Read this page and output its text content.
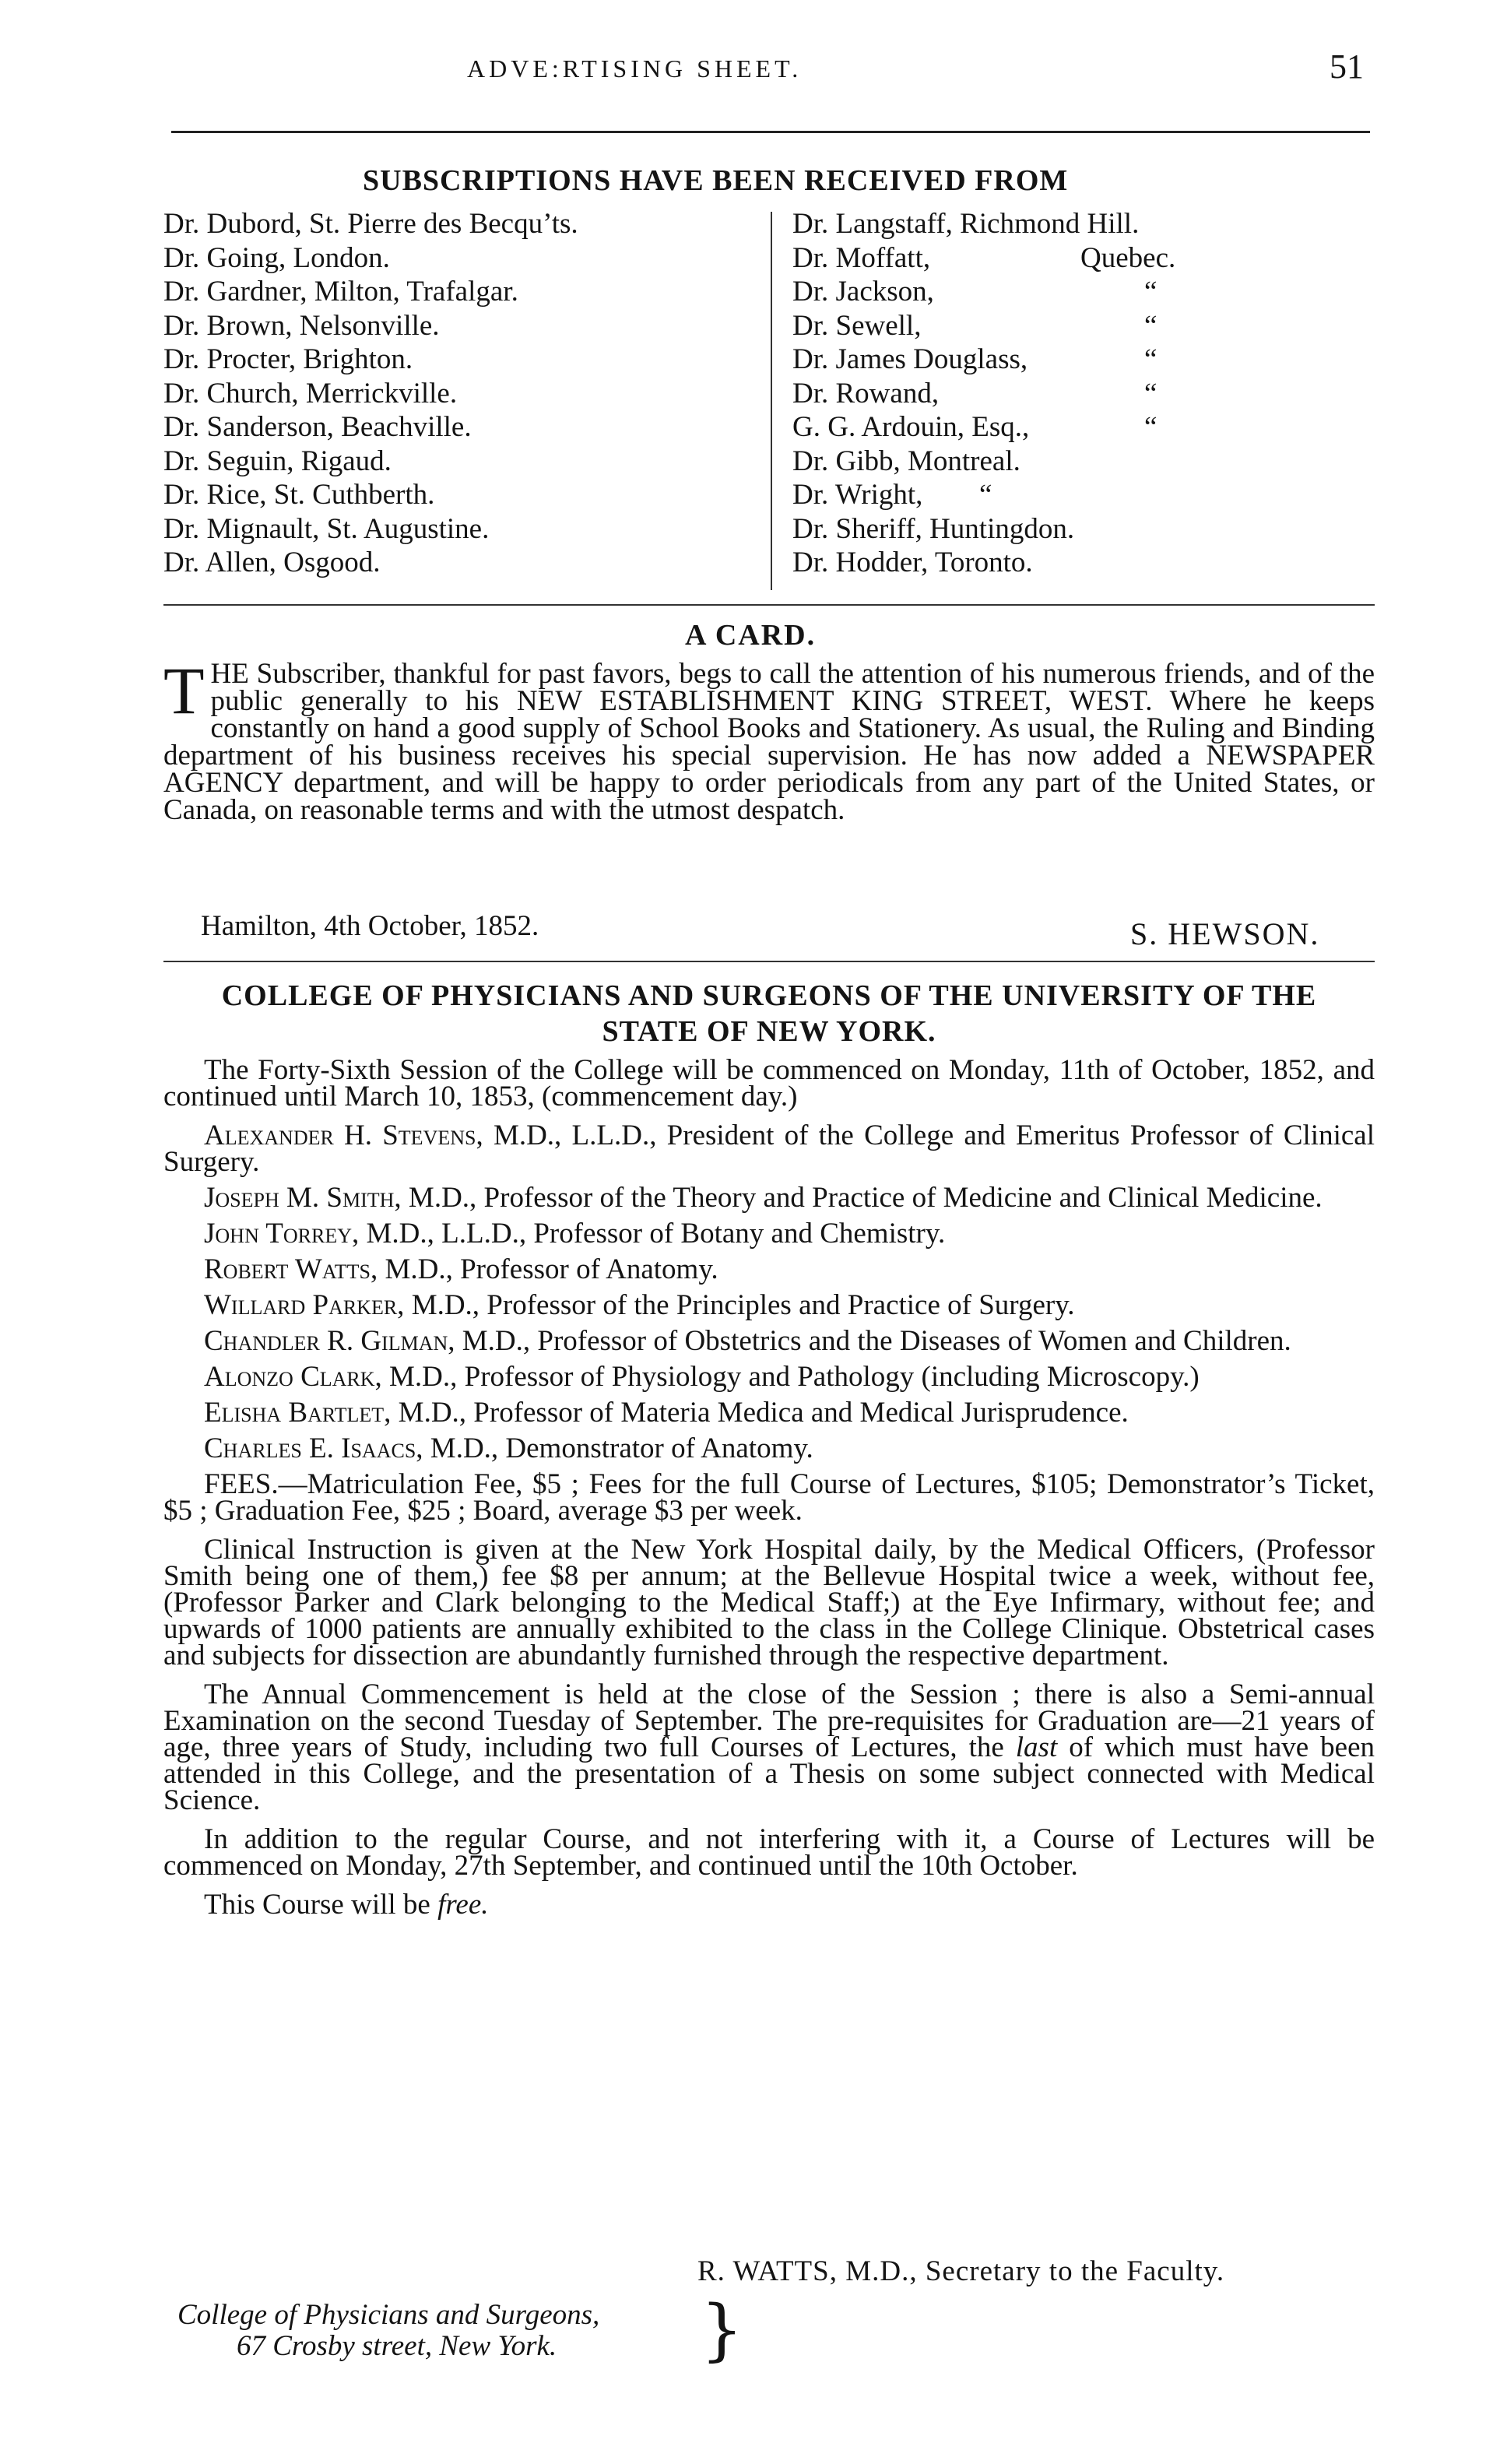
ADVE:RTISING SHEET.	51
SUBSCRIPTIONS HAVE BEEN RECEIVED FROM
Dr. Dubord, St. Pierre des Becqu’ts.
Dr. Going, London.
Dr. Gardner, Milton, Trafalgar.
Dr. Brown, Nelsonville.
Dr. Procter, Brighton.
Dr. Church, Merrickville.
Dr. Sanderson, Beachville.
Dr. Seguin, Rigaud.
Dr. Rice, St. Cuthberth.
Dr. Mignault, St. Augustine.
Dr. Allen, Osgood.
Dr. Langstaff, Richmond Hill.
Dr. Moffatt,	Quebec.
Dr. Jackson,	“
Dr. Sewell,	“
Dr. James Douglass,	“
Dr. Rowand,	“
G. G. Ardouin, Esq.,	“
Dr. Gibb, Montreal.
Dr. Wright, “
Dr. Sheriff, Huntingdon.
Dr. Hodder, Toronto.
A CARD.
THE Subscriber, thankful for past favors, begs to call the attention of his numerous friends, and of the public generally to his NEW ESTABLISHMENT KING STREET, WEST. Where he keeps constantly on hand a good supply of School Books and Stationery. As usual, the Ruling and Binding department of his business receives his special supervision. He has now added a NEWSPAPER AGENCY department, and will be happy to order periodicals from any part of the United States, or Canada, on reasonable terms and with the utmost despatch.
Hamilton, 4th October, 1852.	S. HEWSON.
COLLEGE OF PHYSICIANS AND SURGEONS OF THE UNIVERSITY OF THE
STATE OF NEW YORK.

The Forty-Sixth Session of the College will be commenced on Monday, 11th of October, 1852, and continued until March 10, 1853, (commencement day.)

Alexander H. Stevens, M.D., L.L.D., President of the College and Emeritus Professor of Clinical Surgery.

Joseph M. Smith, M.D., Professor of the Theory and Practice of Medicine and Clinical Medicine.

John Torrey, M.D., L.L.D., Professor of Botany and Chemistry.

Robert Watts, M.D., Professor of Anatomy.

Willard Parker, M.D., Professor of the Principles and Practice of Surgery.

Chandler R. Gilman, M.D., Professor of Obstetrics and the Diseases of Women and Children.

Alonzo Clark, M.D., Professor of Physiology and Pathology (including Microscopy.)

Elisha Bartlet, M.D., Professor of Materia Medica and Medical Jurisprudence.

Charles E. Isaacs, M.D., Demonstrator of Anatomy.

FEES.—Matriculation Fee, $5 ; Fees for the full Course of Lectures, $105; Demonstrator’s Ticket, $5 ; Graduation Fee, $25 ; Board, average $3 per week.

Clinical Instruction is given at the New York Hospital daily, by the Medical Officers, (Professor Smith being one of them,) fee $8 per annum; at the Bellevue Hospital twice a week, without fee, (Professor Parker and Clark belonging to the Medical Staff;) at the Eye Infirmary, without fee; and upwards of 1000 patients are annually exhibited to the class in the College Clinique. Obstetrical cases and subjects for dissection are abundantly furnished through the respective department.

The Annual Commencement is held at the close of the Session ; there is also a Semi-annual Examination on the second Tuesday of September. The pre-requisites for Graduation are—21 years of age, three years of Study, including two full Courses of Lectures, the last of which must have been attended in this College, and the presentation of a Thesis on some subject connected with Medical Science.

In addition to the regular Course, and not interfering with it, a Course of Lectures will be commenced on Monday, 27th September, and continued until the 10th October.

This Course will be free.

R. WATTS, M.D., Secretary to the Faculty.
College of Physicians and Surgeons,
67 Crosby street, New York.	}
